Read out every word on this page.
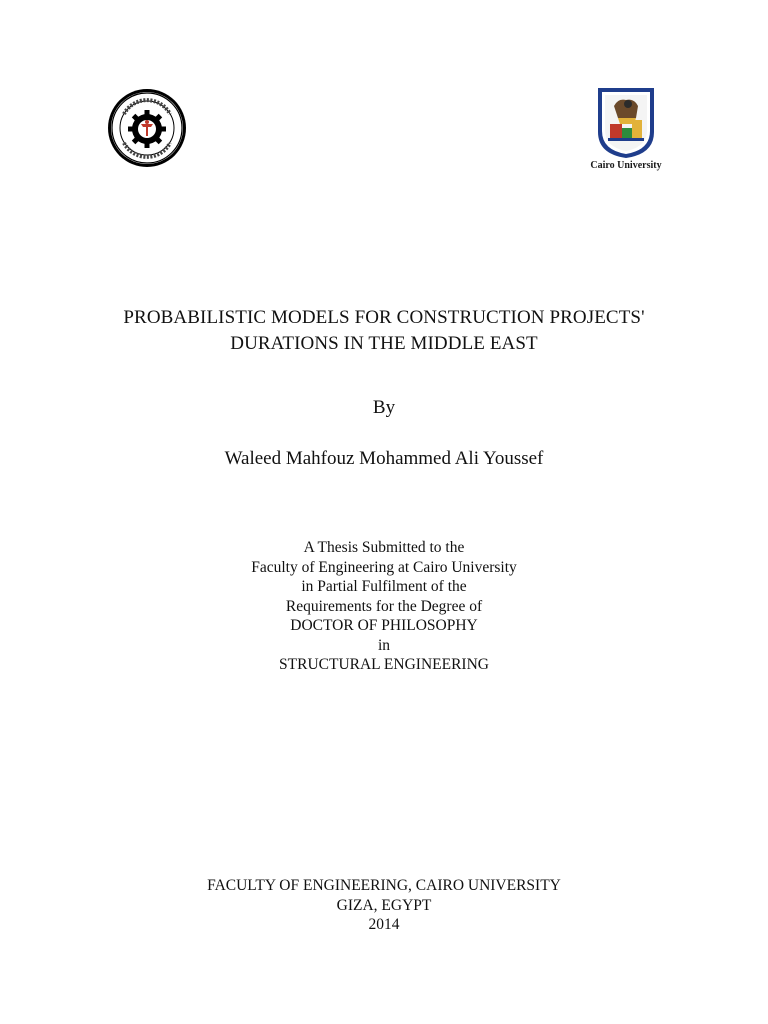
Cairo University
PROBABILISTIC MODELS FOR CONSTRUCTION PROJECTS'
DURATIONS IN THE MIDDLE EAST
By
Waleed Mahfouz Mohammed Ali Youssef
A Thesis Submitted to the
Faculty of Engineering at Cairo University
in Partial Fulfilment of the
Requirements for the Degree of
DOCTOR OF PHILOSOPHY
in
STRUCTURAL ENGINEERING
FACULTY OF ENGINEERING, CAIRO UNIVERSITY
GIZA, EGYPT
2014
